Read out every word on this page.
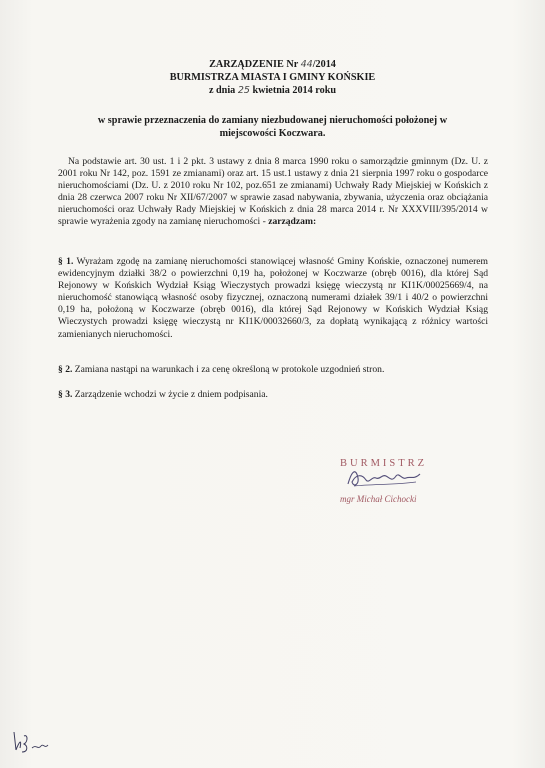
ZARZĄDZENIE Nr 44/2014
BURMISTRZA MIASTA I GMINY KOŃSKIE
z dnia 25 kwietnia 2014 roku
w sprawie przeznaczenia do zamiany niezbudowanej nieruchomości położonej w
miejscowości Koczwara.
Na podstawie art. 30 ust. 1 i 2 pkt. 3 ustawy z dnia 8 marca 1990 roku o samorządzie gminnym (Dz. U. z 2001 roku Nr 142, poz. 1591 ze zmianami) oraz art. 15 ust.1 ustawy z dnia 21 sierpnia 1997 roku o gospodarce nieruchomościami (Dz. U. z 2010 roku Nr 102, poz.651 ze zmianami) Uchwały Rady Miejskiej w Końskich z dnia 28 czerwca 2007 roku Nr XII/67/2007 w sprawie zasad nabywania, zbywania, użyczenia oraz obciążania nieruchomości oraz Uchwały Rady Miejskiej w Końskich z dnia 28 marca 2014 r. Nr XXXVIII/395/2014 w sprawie wyrażenia zgody na zamianę nieruchomości - zarządzam:
§ 1. Wyrażam zgodę na zamianę nieruchomości stanowiącej własność Gminy Końskie, oznaczonej numerem ewidencyjnym działki 38/2 o powierzchni 0,19 ha, położonej w Koczwarze (obręb 0016), dla której Sąd Rejonowy w Końskich Wydział Ksiąg Wieczystych prowadzi księgę wieczystą nr KI1K/00025669/4, na nieruchomość stanowiącą własność osoby fizycznej, oznaczoną numerami działek 39/1 i 40/2 o powierzchni 0,19 ha, położoną w Koczwarze (obręb 0016), dla której Sąd Rejonowy w Końskich Wydział Ksiąg Wieczystych prowadzi księgę wieczystą nr KI1K/00032660/3, za dopłatą wynikającą z różnicy wartości zamienianych nieruchomości.
§ 2. Zamiana nastąpi na warunkach i za cenę określoną w protokole uzgodnień stron.
§ 3. Zarządzenie wchodzi w życie z dniem podpisania.
BURMISTRZ
mgr Michał Cichocki
